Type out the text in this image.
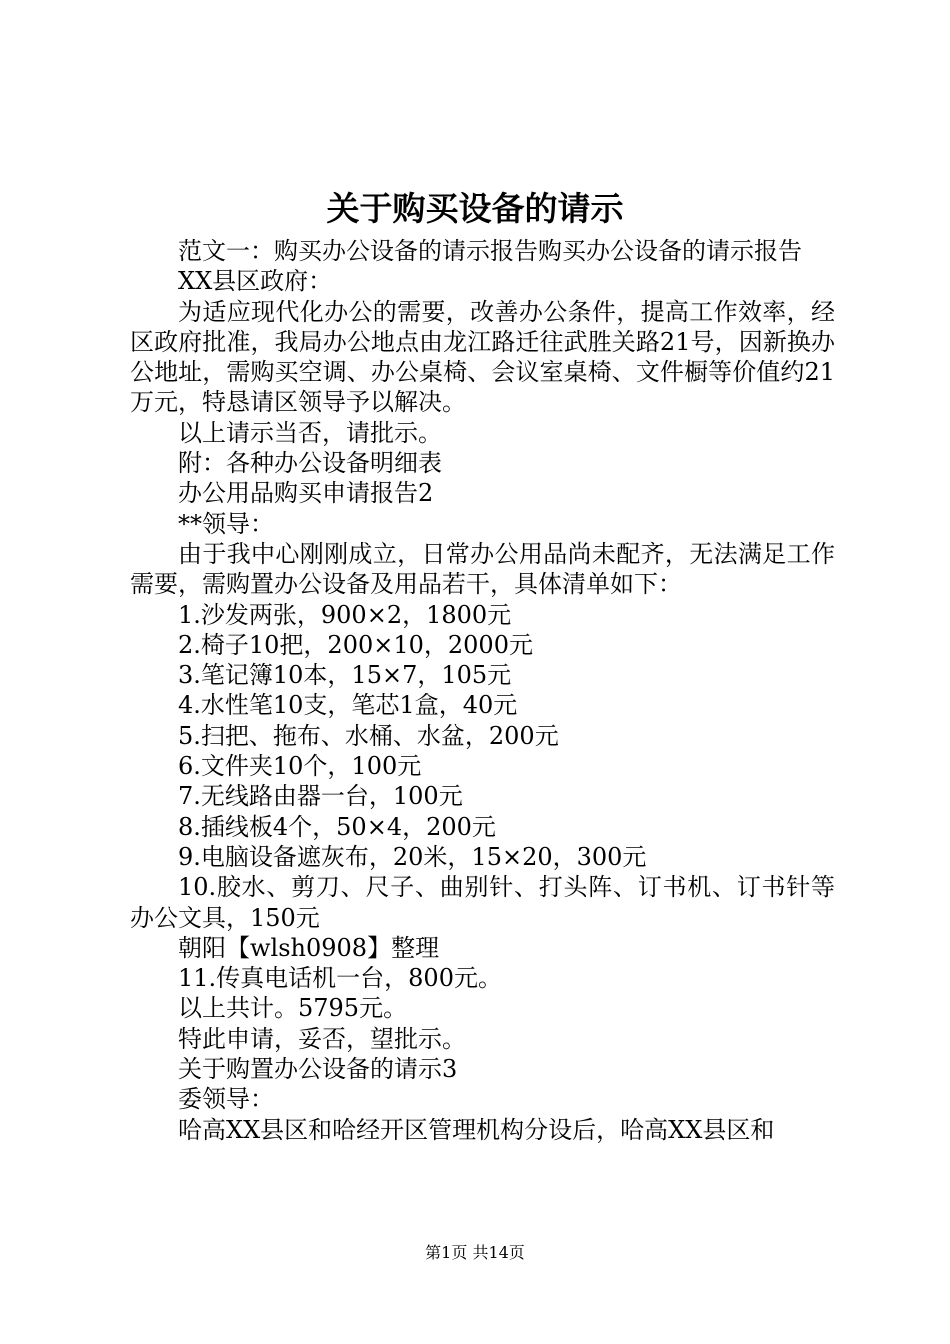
关于购买设备的请示

范文一：购买办公设备的请示报告购买办公设备的请示报告

XX县区政府：

为适应现代化办公的需要，改善办公条件，提高工作效率，经区政府批准，我局办公地点由龙江路迁往武胜关路21号，因新换办公地址，需购买空调、办公桌椅、会议室桌椅、文件橱等价值约21万元，特恳请区领导予以解决。

以上请示当否，请批示。

附：各种办公设备明细表

办公用品购买申请报告2

**领导：

由于我中心刚刚成立，日常办公用品尚未配齐，无法满足工作需要，需购置办公设备及用品若干，具体清单如下：

1.沙发两张，900×2，1800元

2.椅子10把，200×10，2000元

3.笔记簿10本，15×7，105元

4.水性笔10支，笔芯1盒，40元

5.扫把、拖布、水桶、水盆，200元

6.文件夹10个，100元

7.无线路由器一台，100元

8.插线板4个，50×4，200元

9.电脑设备遮灰布，20米，15×20，300元

10.胶水、剪刀、尺子、曲别针、打头阵、订书机、订书针等办公文具，150元

朝阳【wlsh0908】整理

11.传真电话机一台，800元。

以上共计。5795元。

特此申请，妥否，望批示。

关于购置办公设备的请示3

委领导：

哈高XX县区和哈经开区管理机构分设后，哈高XX县区和

第1页 共14页
